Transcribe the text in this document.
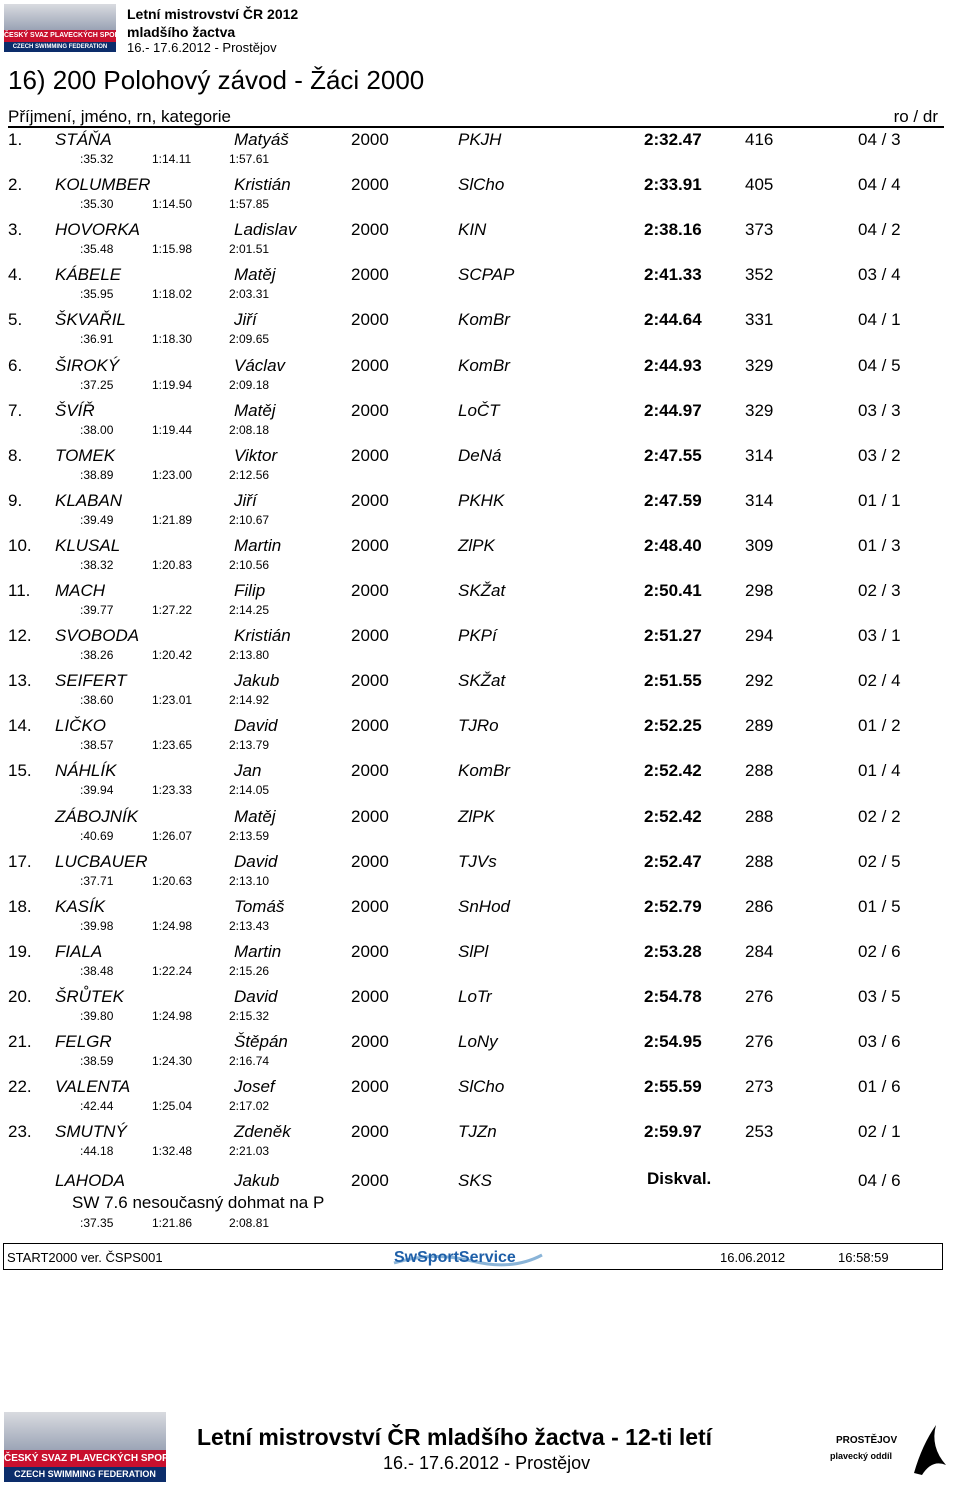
ČESKÝ SVAZ PLAVECKÝCH SPORTŮ
CZECH SWIMMING FEDERATION
Letní mistrovství ČR 2012
mladšího žactva
16.- 17.6.2012 - Prostějov
16) 200 Polohový závod - Žáci 2000
Příjmení, jméno, rn, kategorie	ro / dr
1. STÁŇA	Matyáš	2000	PKJH	2:32.47	416	04 / 3
:35.32	1:14.11	1:57.61
2. KOLUMBER	Kristián	2000	SlCho	2:33.91	405	04 / 4
:35.30	1:14.50	1:57.85
3. HOVORKA	Ladislav	2000	KIN	2:38.16	373	04 / 2
:35.48	1:15.98	2:01.51
4. KÁBELE	Matěj	2000	SCPAP	2:41.33	352	03 / 4
:35.95	1:18.02	2:03.31
5. ŠKVAŘIL	Jiří	2000	KomBr	2:44.64	331	04 / 1
:36.91	1:18.30	2:09.65
6. ŠIROKÝ	Václav	2000	KomBr	2:44.93	329	04 / 5
:37.25	1:19.94	2:09.18
7. ŠVÍŘ	Matěj	2000	LoČT	2:44.97	329	03 / 3
:38.00	1:19.44	2:08.18
8. TOMEK	Viktor	2000	DeNá	2:47.55	314	03 / 2
:38.89	1:23.00	2:12.56
9. KLABAN	Jiří	2000	PKHK	2:47.59	314	01 / 1
:39.49	1:21.89	2:10.67
10. KLUSAL	Martin	2000	ZlPK	2:48.40	309	01 / 3
:38.32	1:20.83	2:10.56
11. MACH	Filip	2000	SKŽat	2:50.41	298	02 / 3
:39.77	1:27.22	2:14.25
12. SVOBODA	Kristián	2000	PKPí	2:51.27	294	03 / 1
:38.26	1:20.42	2:13.80
13. SEIFERT	Jakub	2000	SKŽat	2:51.55	292	02 / 4
:38.60	1:23.01	2:14.92
14. LIČKO	David	2000	TJRo	2:52.25	289	01 / 2
:38.57	1:23.65	2:13.79
15. NÁHLÍK	Jan	2000	KomBr	2:52.42	288	01 / 4
:39.94	1:23.33	2:14.05
ZÁBOJNÍK	Matěj	2000	ZlPK	2:52.42	288	02 / 2
:40.69	1:26.07	2:13.59
17. LUCBAUER	David	2000	TJVs	2:52.47	288	02 / 5
:37.71	1:20.63	2:13.10
18. KASÍK	Tomáš	2000	SnHod	2:52.79	286	01 / 5
:39.98	1:24.98	2:13.43
19. FIALA	Martin	2000	SlPl	2:53.28	284	02 / 6
:38.48	1:22.24	2:15.26
20. ŠRŮTEK	David	2000	LoTr	2:54.78	276	03 / 5
:39.80	1:24.98	2:15.32
21. FELGR	Štěpán	2000	LoNy	2:54.95	276	03 / 6
:38.59	1:24.30	2:16.74
22. VALENTA	Josef	2000	SlCho	2:55.59	273	01 / 6
:42.44	1:25.04	2:17.02
23. SMUTNÝ	Zdeněk	2000	TJZn	2:59.97	253	02 / 1
:44.18	1:32.48	2:21.03
LAHODA	Jakub	2000	SKS	Diskval.	04 / 6
SW 7.6 nesoučasný dohmat na P
:37.35	1:21.86	2:08.81
START2000 ver. ČSPS001	SwSportService	16.06.2012	16:58:59
ČESKÝ SVAZ PLAVECKÝCH SPORTŮ
CZECH SWIMMING FEDERATION
Letní mistrovství ČR mladšího žactva - 12-ti letí
16.- 17.6.2012 - Prostějov
PROSTĚJOV
plavecký oddíl
